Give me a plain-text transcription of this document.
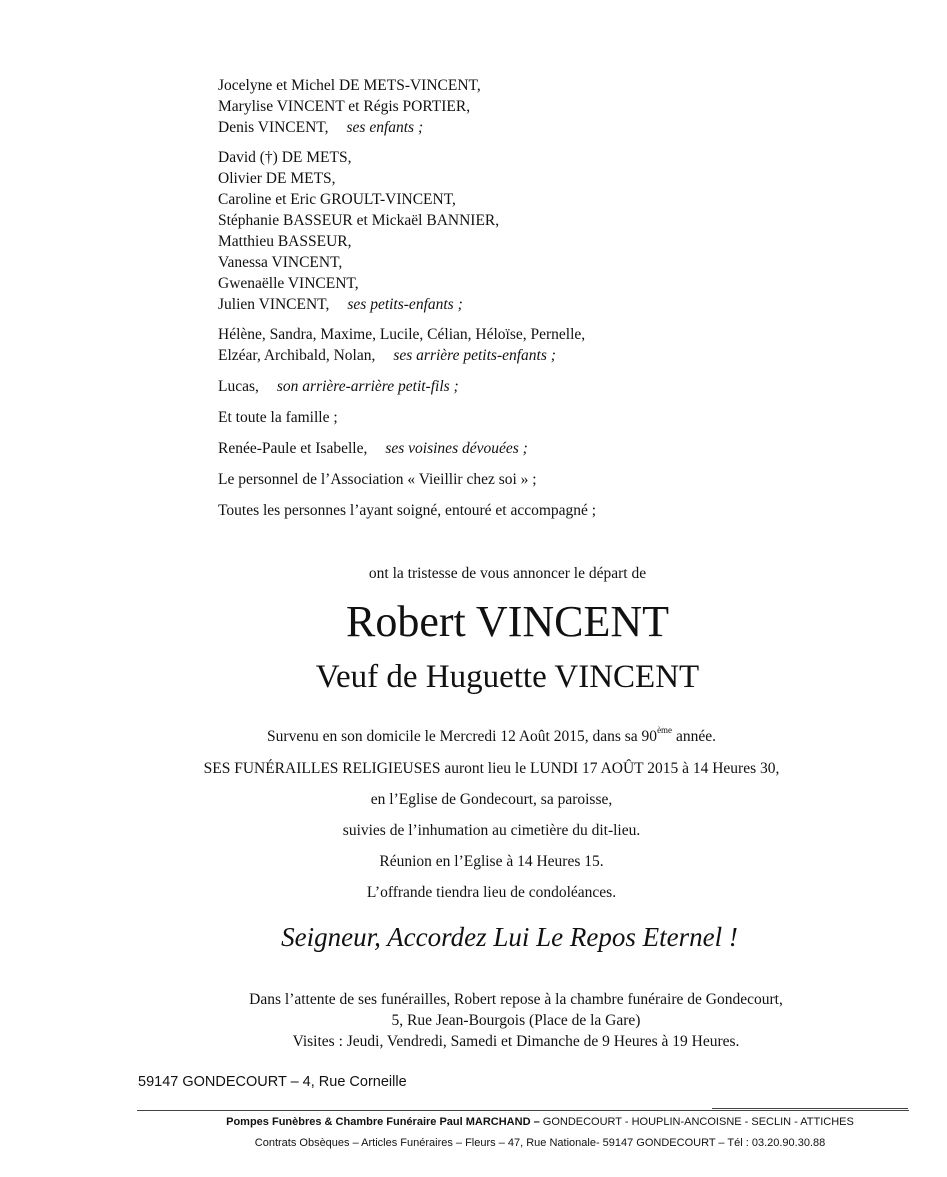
Jocelyne et Michel DE METS-VINCENT,
Marylise VINCENT et Régis PORTIER,
Denis VINCENT, ses enfants ;
David (†) DE METS,
Olivier DE METS,
Caroline et Eric GROULT-VINCENT,
Stéphanie BASSEUR et Mickaël BANNIER,
Matthieu BASSEUR,
Vanessa VINCENT,
Gwenaëlle VINCENT,
Julien VINCENT, ses petits-enfants ;
Hélène, Sandra, Maxime, Lucile, Célian, Héloïse, Pernelle,
Elzéar, Archibald, Nolan, ses arrière petits-enfants ;
Lucas, son arrière-arrière petit-fils ;
Et toute la famille ;
Renée-Paule et Isabelle, ses voisines dévouées ;
Le personnel de l’Association « Vieillir chez soi » ;
Toutes les personnes l’ayant soigné, entouré et accompagné ;
ont la tristesse de vous annoncer le départ de
Robert VINCENT
Veuf de Huguette VINCENT
Survenu en son domicile le Mercredi 12 Août 2015, dans sa 90ème année.
SES FUNÉRAILLES RELIGIEUSES auront lieu le LUNDI 17 AOÛT 2015 à 14 Heures 30,
en l’Eglise de Gondecourt, sa paroisse,
suivies de l’inhumation au cimetière du dit-lieu.
Réunion en l’Eglise à 14 Heures 15.
L’offrande tiendra lieu de condoléances.
Seigneur, Accordez Lui Le Repos Eternel !
Dans l’attente de ses funérailles, Robert repose à la chambre funéraire de Gondecourt,
5, Rue Jean-Bourgois (Place de la Gare)
Visites : Jeudi, Vendredi, Samedi et Dimanche de 9 Heures à 19 Heures.
59147 GONDECOURT – 4, Rue Corneille
Pompes Funèbres & Chambre Funéraire Paul MARCHAND – GONDECOURT - HOUPLIN-ANCOISNE - SECLIN - ATTICHES
Contrats Obsèques – Articles Funéraires – Fleurs – 47, Rue Nationale- 59147 GONDECOURT – Tél : 03.20.90.30.88
